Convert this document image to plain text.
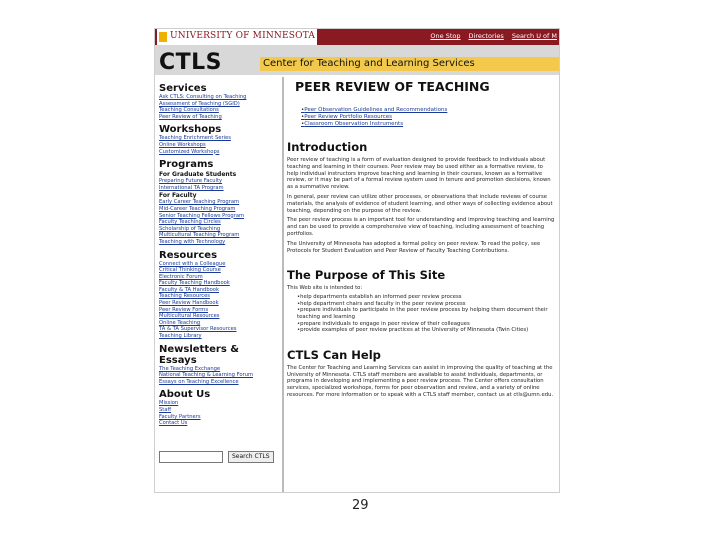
UNIVERSITY OF MINNESOTA	One Stop Directories Search U of M
CTLS	Center for Teaching and Learning Services
Services
Ask CTLS: Consulting on Teaching
Assessment of Teaching (SGID)
Teaching Consultations
Peer Review of Teaching
Workshops
Teaching Enrichment Series
Online Workshops
Customized Workshops
Programs
For Graduate Students
Preparing Future Faculty
International TA Program
For Faculty
Early Career Teaching Program
Mid-Career Teaching Program
Senior Teaching Fellows Program
Faculty Teaching Circles
Scholarship of Teaching
Multicultural Teaching Program
Teaching with Technology
Resources
Connect with a Colleague
Critical Thinking Course
Electronic Forum
Faculty Teaching Handbook
Faculty & TA Handbook
Teaching Resources
Peer Review Handbook
Peer Review Forms
Multicultural Resources
Online Teaching
TA & TA Supervisor Resources
Teaching Library
Newsletters & Essays
The Teaching Exchange
National Teaching & Learning Forum
Essays on Teaching Excellence
About Us
Mission
Staff
Faculty Partners
Contact Us
Search CTLS
PEER REVIEW OF TEACHING
• Peer Observation Guidelines and Recommendations
• Peer Review Portfolio Resources
• Classroom Observation Instruments
Introduction
Peer review of teaching is a form of evaluation designed to provide feedback to individuals about teaching and learning in their courses. Peer review may be used either as a formative review, to help individual instructors improve teaching and learning in their courses, known as a formative review, or it may be part of a formal review system used in tenure and promotion decisions, known as a summative review.
In general, peer review can utilize other processes, or observations that include reviews of course materials, the analysis of evidence of student learning, and other ways of collecting evidence about teaching, depending on the purpose of the review.
The peer review process is an important tool for understanding and improving teaching and learning and can be used to provide a comprehensive view of teaching, including assessment of teaching portfolios.
The University of Minnesota has adopted a formal policy on peer review. To read the policy, see Protocols for Student Evaluation and Peer Review of Faculty Teaching Contributions.
The Purpose of This Site
This Web site is intended to:
• help departments establish an informed peer review process
• help department chairs and faculty in the peer review process
• prepare individuals to participate in the peer review process by helping them document their teaching and learning
• prepare individuals to engage in peer review of their colleagues
• provide examples of peer review practices at the University of Minnesota (Twin Cities)
CTLS Can Help
The Center for Teaching and Learning Services can assist in improving the quality of teaching at the University of Minnesota. CTLS staff members are available to assist individuals, departments, or programs in developing and implementing a peer review process. The Center offers consultation services, specialized workshops, forms for peer observation and review, and a variety of online resources. For more information or to speak with a CTLS staff member, contact us at ctls@umn.edu.
29
